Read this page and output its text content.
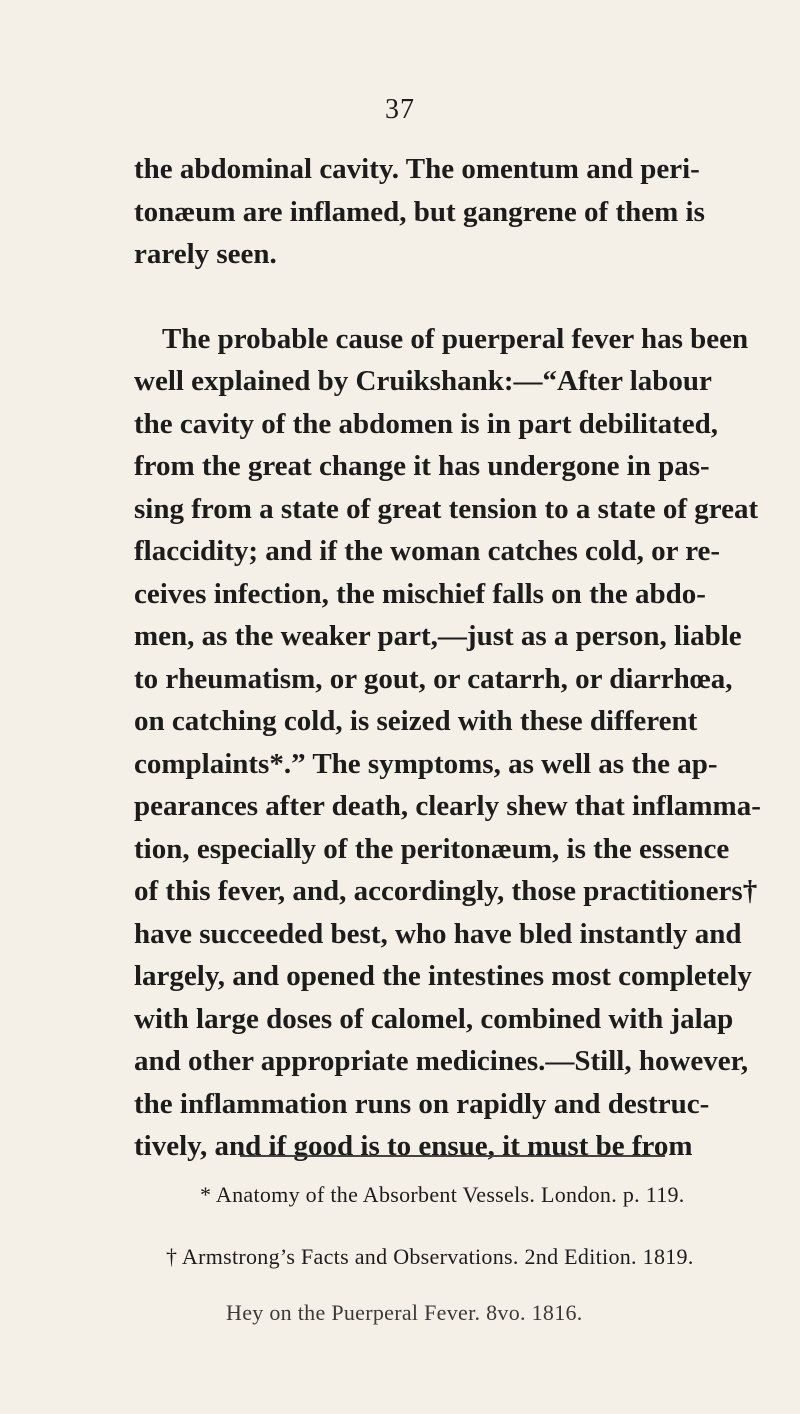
37
the abdominal cavity. The omentum and peri-
tonæum are inflamed, but gangrene of them is
rarely seen.
The probable cause of puerperal fever has been
well explained by Cruikshank:—“After labour
the cavity of the abdomen is in part debilitated,
from the great change it has undergone in pas-
sing from a state of great tension to a state of great
flaccidity; and if the woman catches cold, or re-
ceives infection, the mischief falls on the abdo-
men, as the weaker part,—just as a person, liable
to rheumatism, or gout, or catarrh, or diarrhœa,
on catching cold, is seized with these different
complaints*.” The symptoms, as well as the ap-
pearances after death, clearly shew that inflamma-
tion, especially of the peritonæum, is the essence
of this fever, and, accordingly, those practitioners†
have succeeded best, who have bled instantly and
largely, and opened the intestines most completely
with large doses of calomel, combined with jalap
and other appropriate medicines.—Still, however,
the inflammation runs on rapidly and destruc-
tively, and if good is to ensue, it must be from
* Anatomy of the Absorbent Vessels. London. p. 119.
† Armstrong’s Facts and Observations. 2nd Edition. 1819.
Hey on the Puerperal Fever. 8vo. 1816.
